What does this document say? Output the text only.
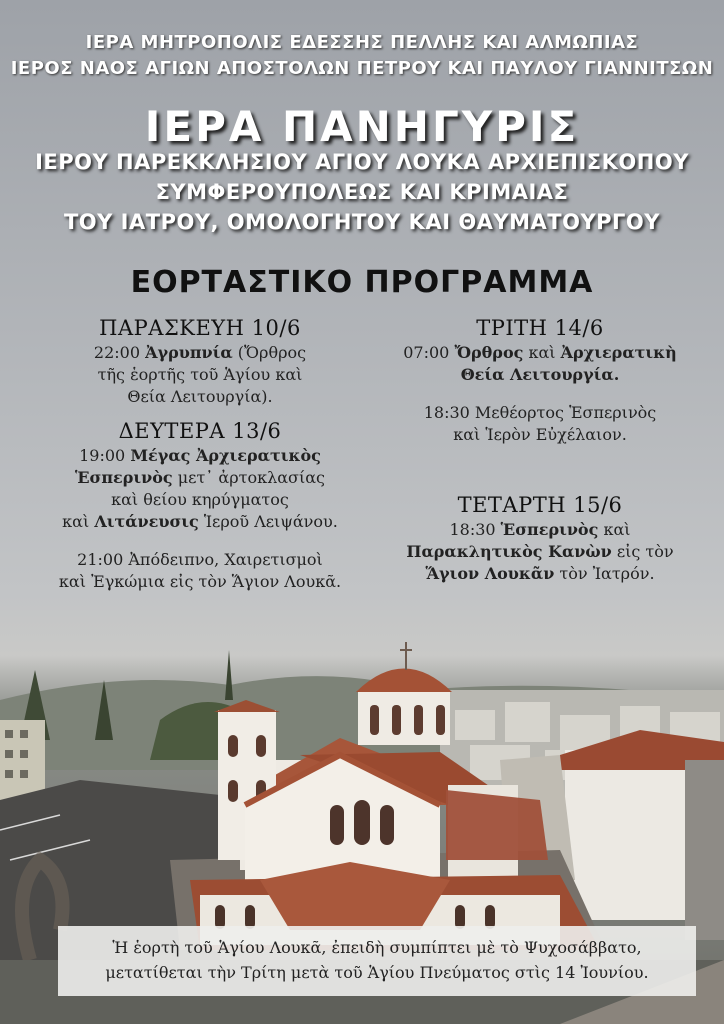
ΙΕΡΑ ΜΗΤΡΟΠΟΛΙΣ ΕΔΕΣΣΗΣ ΠΕΛΛΗΣ ΚΑΙ ΑΛΜΩΠΙΑΣ
ΙΕΡΟΣ ΝΑΟΣ ΑΓΙΩΝ ΑΠΟΣΤΟΛΩΝ ΠΕΤΡΟΥ ΚΑΙ ΠΑΥΛΟΥ ΓΙΑΝΝΙΤΣΩΝ
ΙΕΡΑ ΠΑΝΗΓΥΡΙΣ
ΙΕΡΟΥ ΠΑΡΕΚΚΛΗΣΙΟΥ ΑΓΙΟΥ ΛΟΥΚΑ ΑΡΧΙΕΠΙΣΚΟΠΟΥ
ΣΥΜΦΕΡΟΥΠΟΛΕΩΣ ΚΑΙ ΚΡΙΜΑΙΑΣ
ΤΟΥ ΙΑΤΡΟΥ, ΟΜΟΛΟΓΗΤΟΥ ΚΑΙ ΘΑΥΜΑΤΟΥΡΓΟΥ
ΕΟΡΤΑΣΤΙΚΟ ΠΡΟΓΡΑΜΜΑ
ΠΑΡΑΣΚΕΥΗ 10/6
22:00 Ἀγρυπνία (Ὄρθρος
τῆς ἑορτῆς τοῦ Ἁγίου καὶ
Θεία Λειτουργία).
ΔΕΥΤΕΡΑ 13/6
19:00 Μέγας Ἀρχιερατικὸς
Ἑσπερινὸς μετ᾽ ἀρτοκλασίας
καὶ θείου κηρύγματος
καὶ Λιτάνευσις Ἱεροῦ Λειψάνου.
21:00 Ἀπόδειπνο, Χαιρετισμοὶ
καὶ Ἐγκώμια εἰς τὸν Ἅγιον Λουκᾶ.
ΤΡΙΤΗ 14/6
07:00 Ὄρθρος καὶ Ἀρχιερατικὴ
Θεία Λειτουργία.
18:30 Μεθέορτος Ἑσπερινὸς
καὶ Ἱερὸν Εὐχέλαιον.
ΤΕΤΑΡΤΗ 15/6
18:30 Ἑσπερινὸς καὶ
Παρακλητικὸς Κανὼν εἰς τὸν
Ἅγιον Λουκᾶν τὸν Ἰατρόν.
Ἡ ἑορτὴ τοῦ Ἁγίου Λουκᾶ, ἐπειδὴ συμπίπτει μὲ τὸ Ψυχοσάββατο,
μετατίθεται τὴν Τρίτη μετὰ τοῦ Ἁγίου Πνεύματος στὶς 14 Ἰουνίου.
